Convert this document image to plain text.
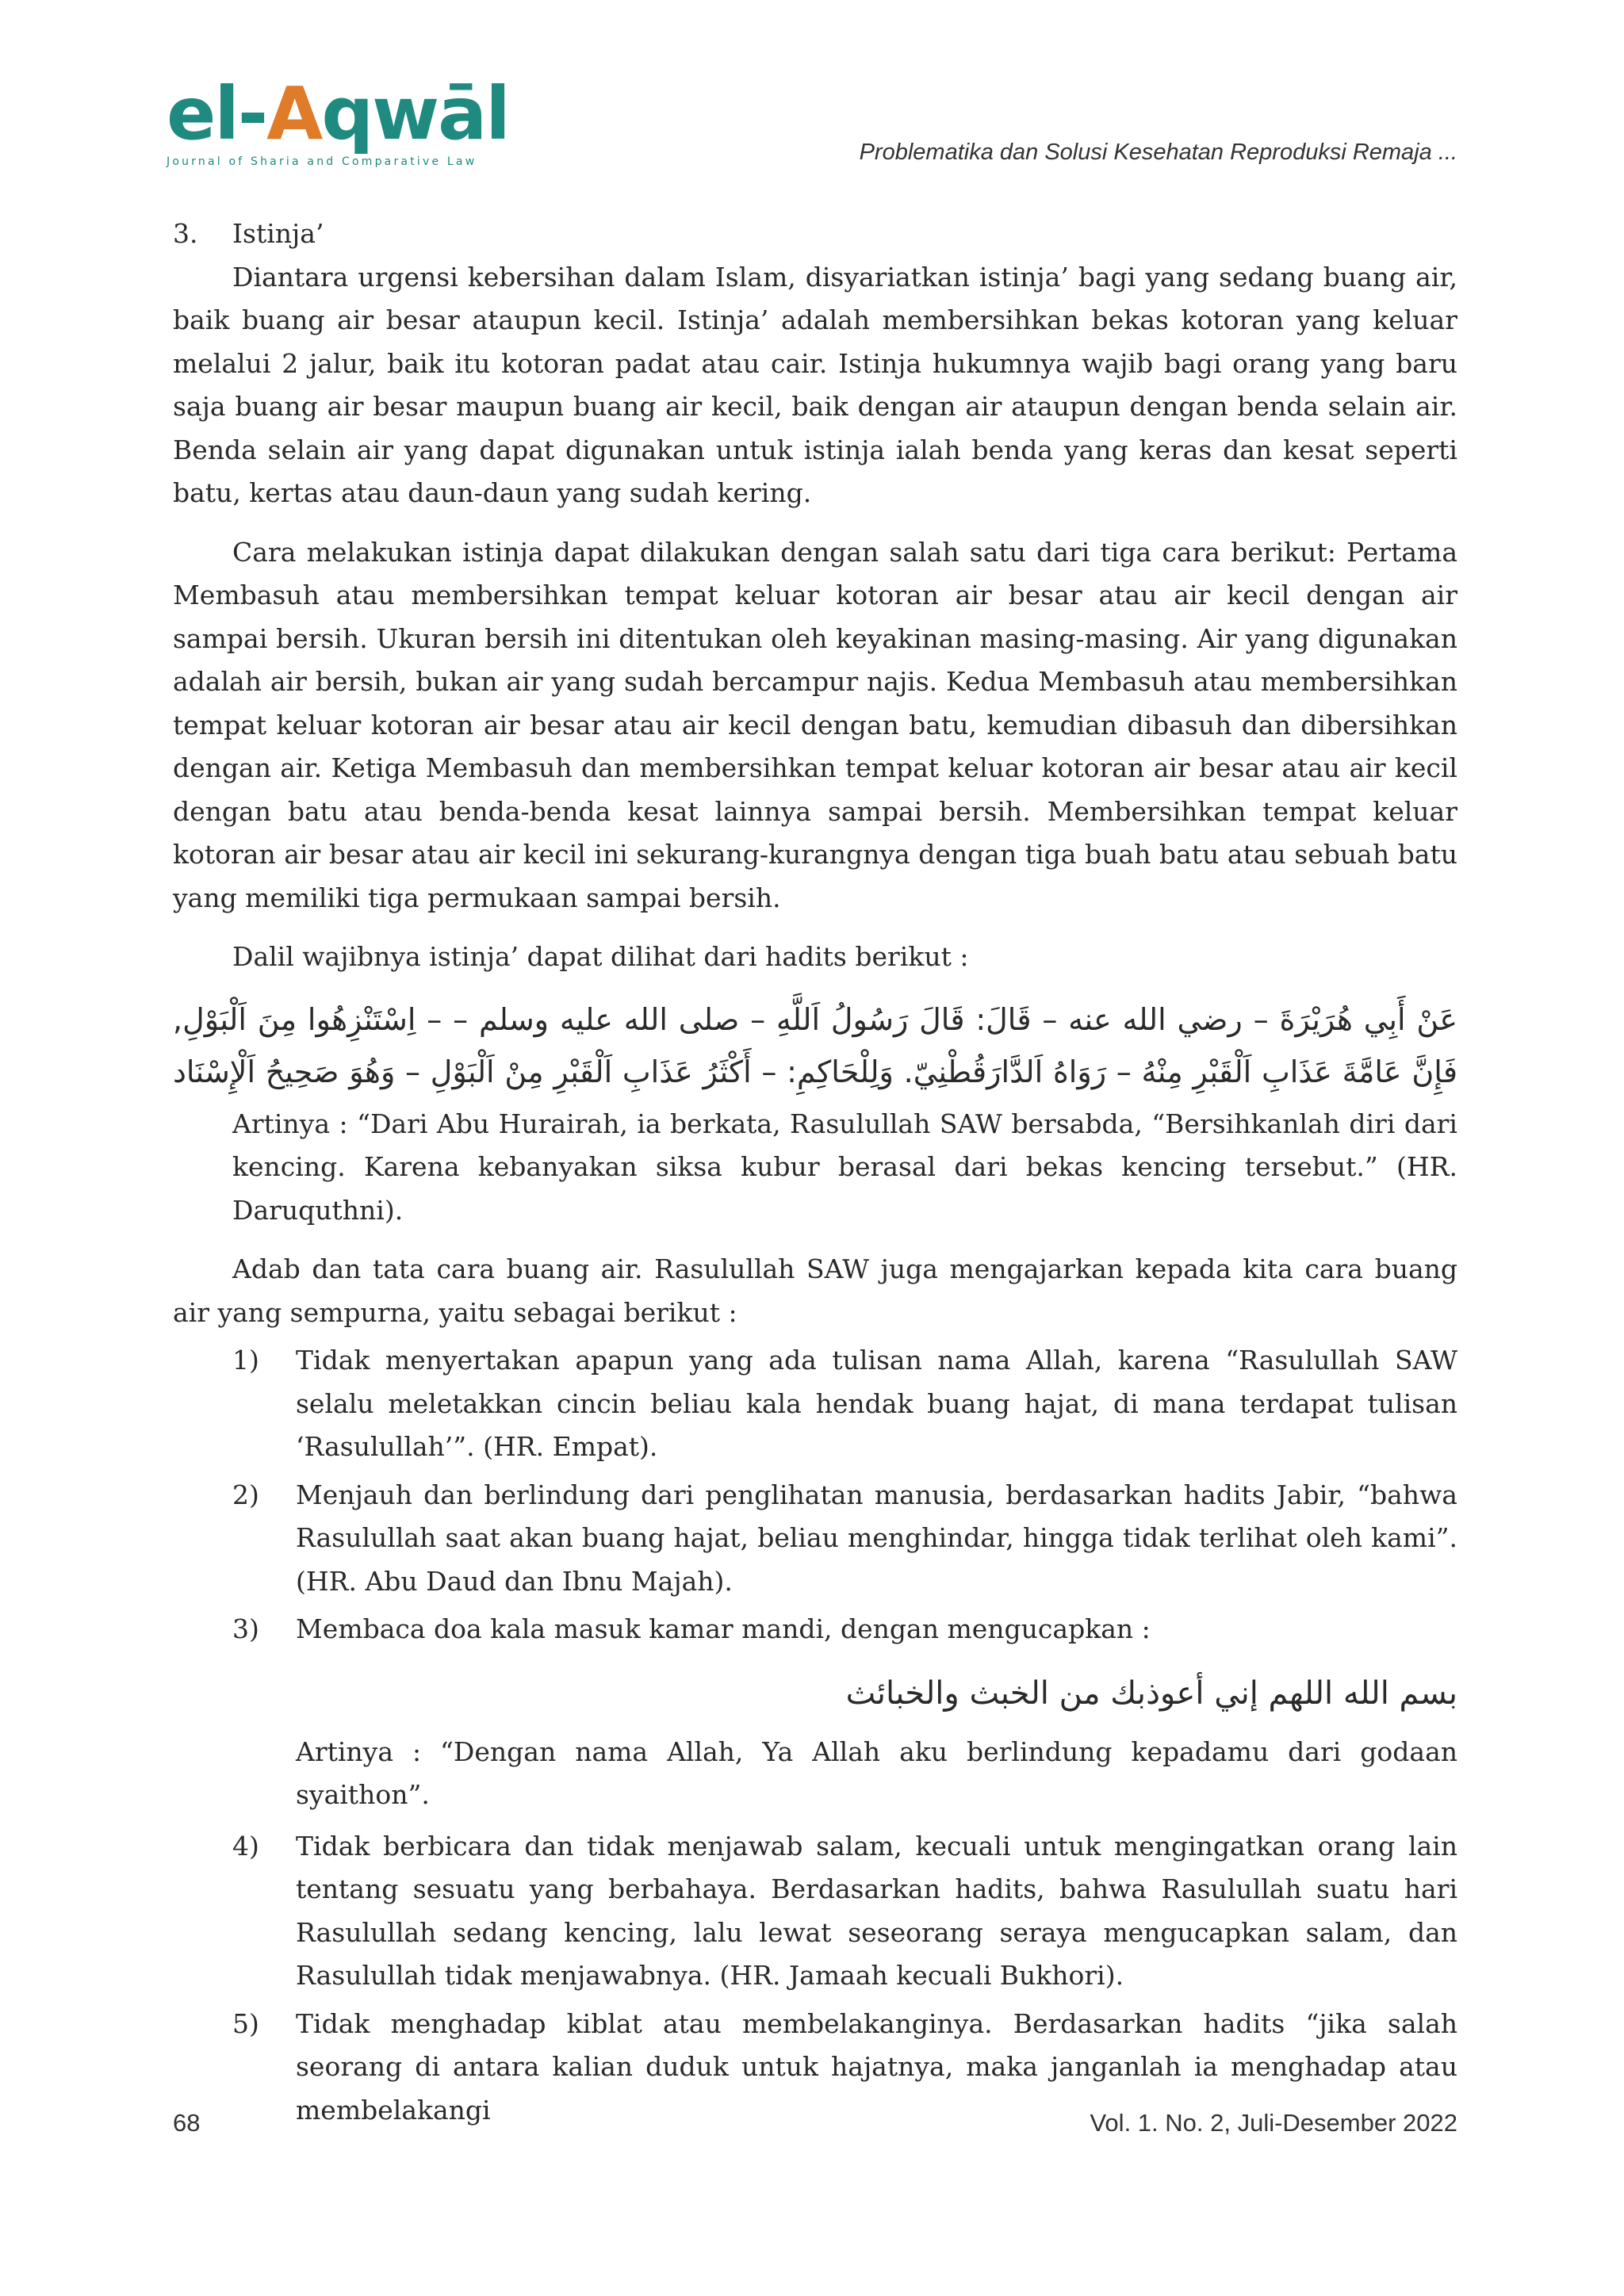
el-Aqwāl
Journal of Sharia and Comparative Law	Problematika dan Solusi Kesehatan Reproduksi Remaja ...
3.	Istinja’

Diantara urgensi kebersihan dalam Islam, disyariatkan istinja’ bagi yang sedang buang air, baik buang air besar ataupun kecil. Istinja’ adalah membersihkan bekas kotoran yang keluar melalui 2 jalur, baik itu kotoran padat atau cair. Istinja hukumnya wajib bagi orang yang baru saja buang air besar maupun buang air kecil, baik dengan air ataupun dengan benda selain air. Benda selain air yang dapat digunakan untuk istinja ialah benda yang keras dan kesat seperti batu, kertas atau daun-daun yang sudah kering.

Cara melakukan istinja dapat dilakukan dengan salah satu dari tiga cara berikut: Pertama Membasuh atau membersihkan tempat keluar kotoran air besar atau air kecil dengan air sampai bersih. Ukuran bersih ini ditentukan oleh keyakinan masing-masing. Air yang digunakan adalah air bersih, bukan air yang sudah bercampur najis. Kedua Membasuh atau membersihkan tempat keluar kotoran air besar atau air kecil dengan batu, kemudian dibasuh dan dibersihkan dengan air. Ketiga Membasuh dan membersihkan tempat keluar kotoran air besar atau air kecil dengan batu atau benda-benda kesat lainnya sampai bersih. Membersihkan tempat keluar kotoran air besar atau air kecil ini sekurang-kurangnya dengan tiga buah batu atau sebuah batu yang memiliki tiga permukaan sampai bersih.

Dalil wajibnya istinja’ dapat dilihat dari hadits berikut :

عَنْ أَبِي هُرَيْرَةَ – رضي الله عنه – قَالَ: قَالَ رَسُولُ اَللَّهِ – صلى الله عليه وسلم – – اِسْتَنْزِهُوا مِنَ اَلْبَوْلِ, فَإِنَّ عَامَّةَ عَذَابِ اَلْقَبْرِ مِنْهُ – رَوَاهُ اَلدَّارَقُطْنِيّ. وَلِلْحَاكِمِ: – أَكْثَرُ عَذَابِ اَلْقَبْرِ مِنْ اَلْبَوْلِ – وَهُوَ صَحِيحُ اَلْإِسْنَاد

Artinya : “Dari Abu Hurairah, ia berkata, Rasulullah SAW bersabda, “Bersihkanlah diri dari kencing. Karena kebanyakan siksa kubur berasal dari bekas kencing tersebut.” (HR. Daruquthni).

Adab dan tata cara buang air. Rasulullah SAW juga mengajarkan kepada kita cara buang air yang sempurna, yaitu sebagai berikut :

1)	Tidak menyertakan apapun yang ada tulisan nama Allah, karena “Rasulullah SAW selalu meletakkan cincin beliau kala hendak buang hajat, di mana terdapat tulisan ‘Rasulullah’”. (HR. Empat).
2)	Menjauh dan berlindung dari penglihatan manusia, berdasarkan hadits Jabir, “bahwa Rasulullah saat akan buang hajat, beliau menghindar, hingga tidak terlihat oleh kami”. (HR. Abu Daud dan Ibnu Majah).
3)	Membaca doa kala masuk kamar mandi, dengan mengucapkan :

بسم الله اللهم إني أعوذبك من الخبث والخبائث

Artinya : “Dengan nama Allah, Ya Allah aku berlindung kepadamu dari godaan syaithon”.

4)	Tidak berbicara dan tidak menjawab salam, kecuali untuk mengingatkan orang lain tentang sesuatu yang berbahaya. Berdasarkan hadits, bahwa Rasulullah suatu hari Rasulullah sedang kencing, lalu lewat seseorang seraya mengucapkan salam, dan Rasulullah tidak menjawabnya. (HR. Jamaah kecuali Bukhori).
5)	Tidak menghadap kiblat atau membelakanginya. Berdasarkan hadits “jika salah seorang di antara kalian duduk untuk hajatnya, maka janganlah ia menghadap atau membelakangi
68	Vol. 1. No. 2, Juli-Desember 2022
